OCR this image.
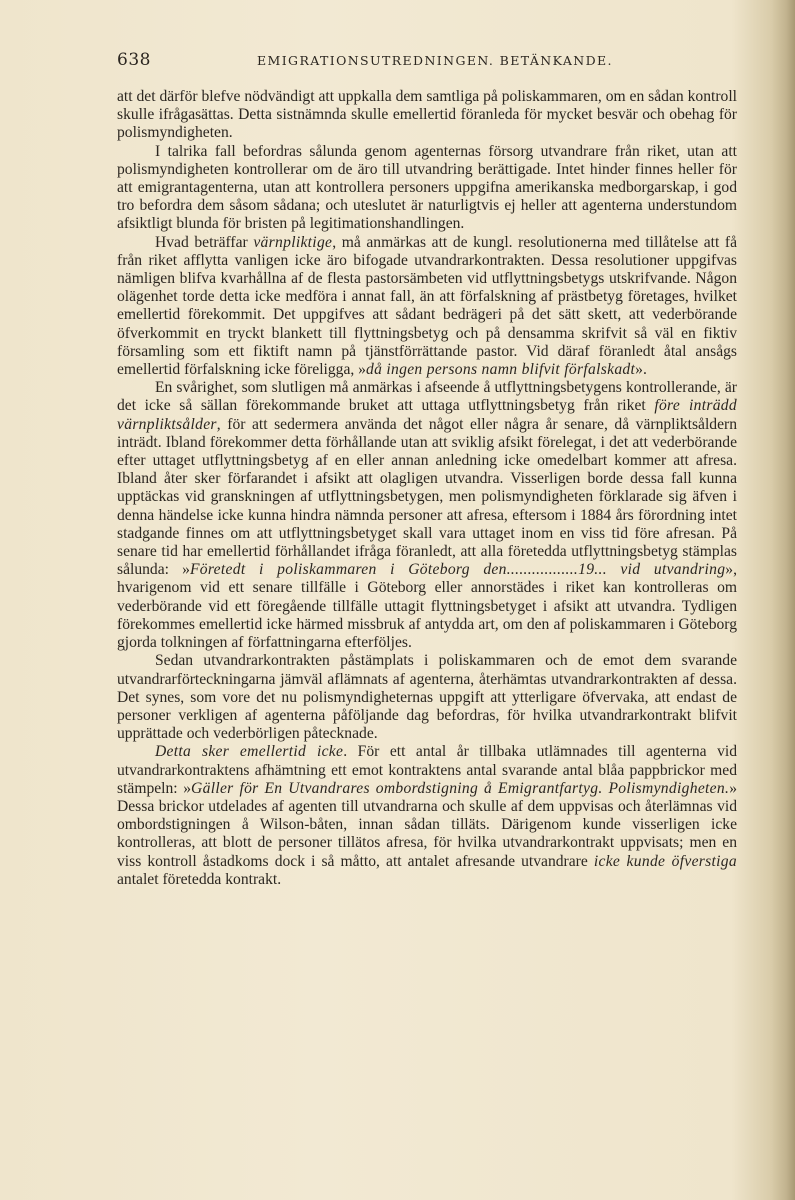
638	EMIGRATIONSUTREDNINGEN. BETÄNKANDE.

att det därför blefve nödvändigt att uppkalla dem samtliga på poliskammaren, om en sådan kontroll skulle ifrågasättas. Detta sistnämnda skulle emellertid föranleda för mycket besvär och obehag för polismyndigheten.

I talrika fall befordras sålunda genom agenternas försorg utvandrare från riket, utan att polismyndigheten kontrollerar om de äro till utvandring berättigade. Intet hinder finnes heller för att emigrantagenterna, utan att kontrollera personers uppgifna amerikanska medborgarskap, i god tro befordra dem såsom sådana; och uteslutet är naturligtvis ej heller att agenterna understundom afsiktligt blunda för bristen på legitimationshandlingen.

Hvad beträffar värnpliktige, må anmärkas att de kungl. resolutionerna med tillåtelse att få från riket afflytta vanligen icke äro bifogade utvandrarkontrakten. Dessa resolutioner uppgifvas nämligen blifva kvarhållna af de flesta pastorsämbeten vid utflyttningsbetygs utskrifvande. Någon olägenhet torde detta icke medföra i annat fall, än att förfalskning af prästbetyg företages, hvilket emellertid förekommit. Det uppgifves att sådant bedrägeri på det sätt skett, att vederbörande öfverkommit en tryckt blankett till flyttningsbetyg och på densamma skrifvit så väl en fiktiv församling som ett fiktift namn på tjänstförrättande pastor. Vid däraf föranledt åtal ansågs emellertid förfalskning icke föreligga, »då ingen persons namn blifvit förfalskadt».

En svårighet, som slutligen må anmärkas i afseende å utflyttningsbetygens kontrollerande, är det icke så sällan förekommande bruket att uttaga utflyttningsbetyg från riket före inträdd värnpliktsålder, för att sedermera använda det något eller några år senare, då värnpliktsåldern inträdt. Ibland förekommer detta förhållande utan att sviklig afsikt förelegat, i det att vederbörande efter uttaget utflyttningsbetyg af en eller annan anledning icke omedelbart kommer att afresa. Ibland åter sker förfarandet i afsikt att olagligen utvandra. Visserligen borde dessa fall kunna upptäckas vid granskningen af utflyttningsbetygen, men polismyndigheten förklarade sig äfven i denna händelse icke kunna hindra nämnda personer att afresa, eftersom i 1884 års förordning intet stadgande finnes om att utflyttningsbetyget skall vara uttaget inom en viss tid före afresan. På senare tid har emellertid förhållandet ifråga föranledt, att alla företedda utflyttningsbetyg stämplas sålunda: »Företedt i poliskammaren i Göteborg den.................19... vid utvandring», hvarigenom vid ett senare tillfälle i Göteborg eller annorstädes i riket kan kontrolleras om vederbörande vid ett föregående tillfälle uttagit flyttningsbetyget i afsikt att utvandra. Tydligen förekommes emellertid icke härmed missbruk af antydda art, om den af poliskammaren i Göteborg gjorda tolkningen af författningarna efterföljes.

Sedan utvandrarkontrakten påstämplats i poliskammaren och de emot dem svarande utvandrarförteckningarna jämväl aflämnats af agenterna, återhämtas utvandrarkontrakten af dessa. Det synes, som vore det nu polismyndigheternas uppgift att ytterligare öfvervaka, att endast de personer verkligen af agenterna påföljande dag befordras, för hvilka utvandrarkontrakt blifvit upprättade och vederbörligen påtecknade.

Detta sker emellertid icke. För ett antal år tillbaka utlämnades till agenterna vid utvandrarkontraktens afhämtning ett emot kontraktens antal svarande antal blåa pappbrickor med stämpeln: »Gäller för En Utvandrares ombordstigning å Emigrantfartyg. Polismyndigheten.» Dessa brickor utdelades af agenten till utvandrarna och skulle af dem uppvisas och återlämnas vid ombordstigningen å Wilson-båten, innan sådan tilläts. Därigenom kunde visserligen icke kontrolleras, att blott de personer tillätos afresa, för hvilka utvandrarkontrakt uppvisats; men en viss kontroll åstadkoms dock i så måtto, att antalet afresande utvandrare icke kunde öfverstiga antalet företedda kontrakt.
